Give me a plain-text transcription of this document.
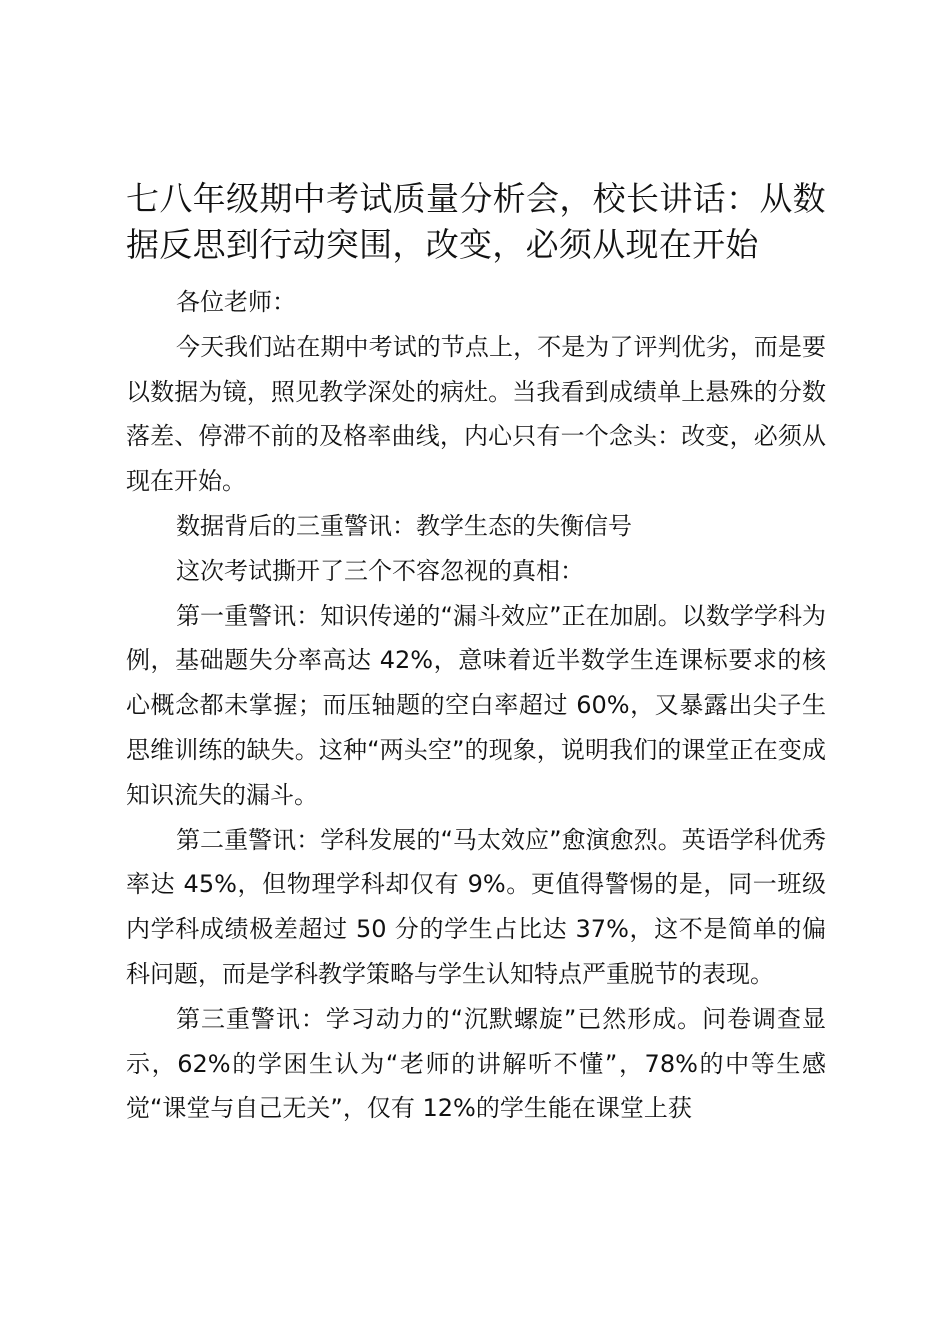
七八年级期中考试质量分析会，校长讲话：从数据反思到行动突围，改变，必须从现在开始

各位老师：

今天我们站在期中考试的节点上，不是为了评判优劣，而是要以数据为镜，照见教学深处的病灶。当我看到成绩单上悬殊的分数落差、停滞不前的及格率曲线，内心只有一个念头：改变，必须从现在开始。

数据背后的三重警讯：教学生态的失衡信号

这次考试撕开了三个不容忽视的真相：

第一重警讯：知识传递的“漏斗效应”正在加剧。以数学学科为例，基础题失分率高达 42%，意味着近半数学生连课标要求的核心概念都未掌握；而压轴题的空白率超过 60%，又暴露出尖子生思维训练的缺失。这种“两头空”的现象，说明我们的课堂正在变成知识流失的漏斗。

第二重警讯：学科发展的“马太效应”愈演愈烈。英语学科优秀率达 45%，但物理学科却仅有 9%。更值得警惕的是，同一班级内学科成绩极差超过 50 分的学生占比达 37%，这不是简单的偏科问题，而是学科教学策略与学生认知特点严重脱节的表现。

第三重警讯：学习动力的“沉默螺旋”已然形成。问卷调查显示，62%的学困生认为“老师的讲解听不懂”，78%的中等生感觉“课堂与自己无关”，仅有 12%的学生能在课堂上获
